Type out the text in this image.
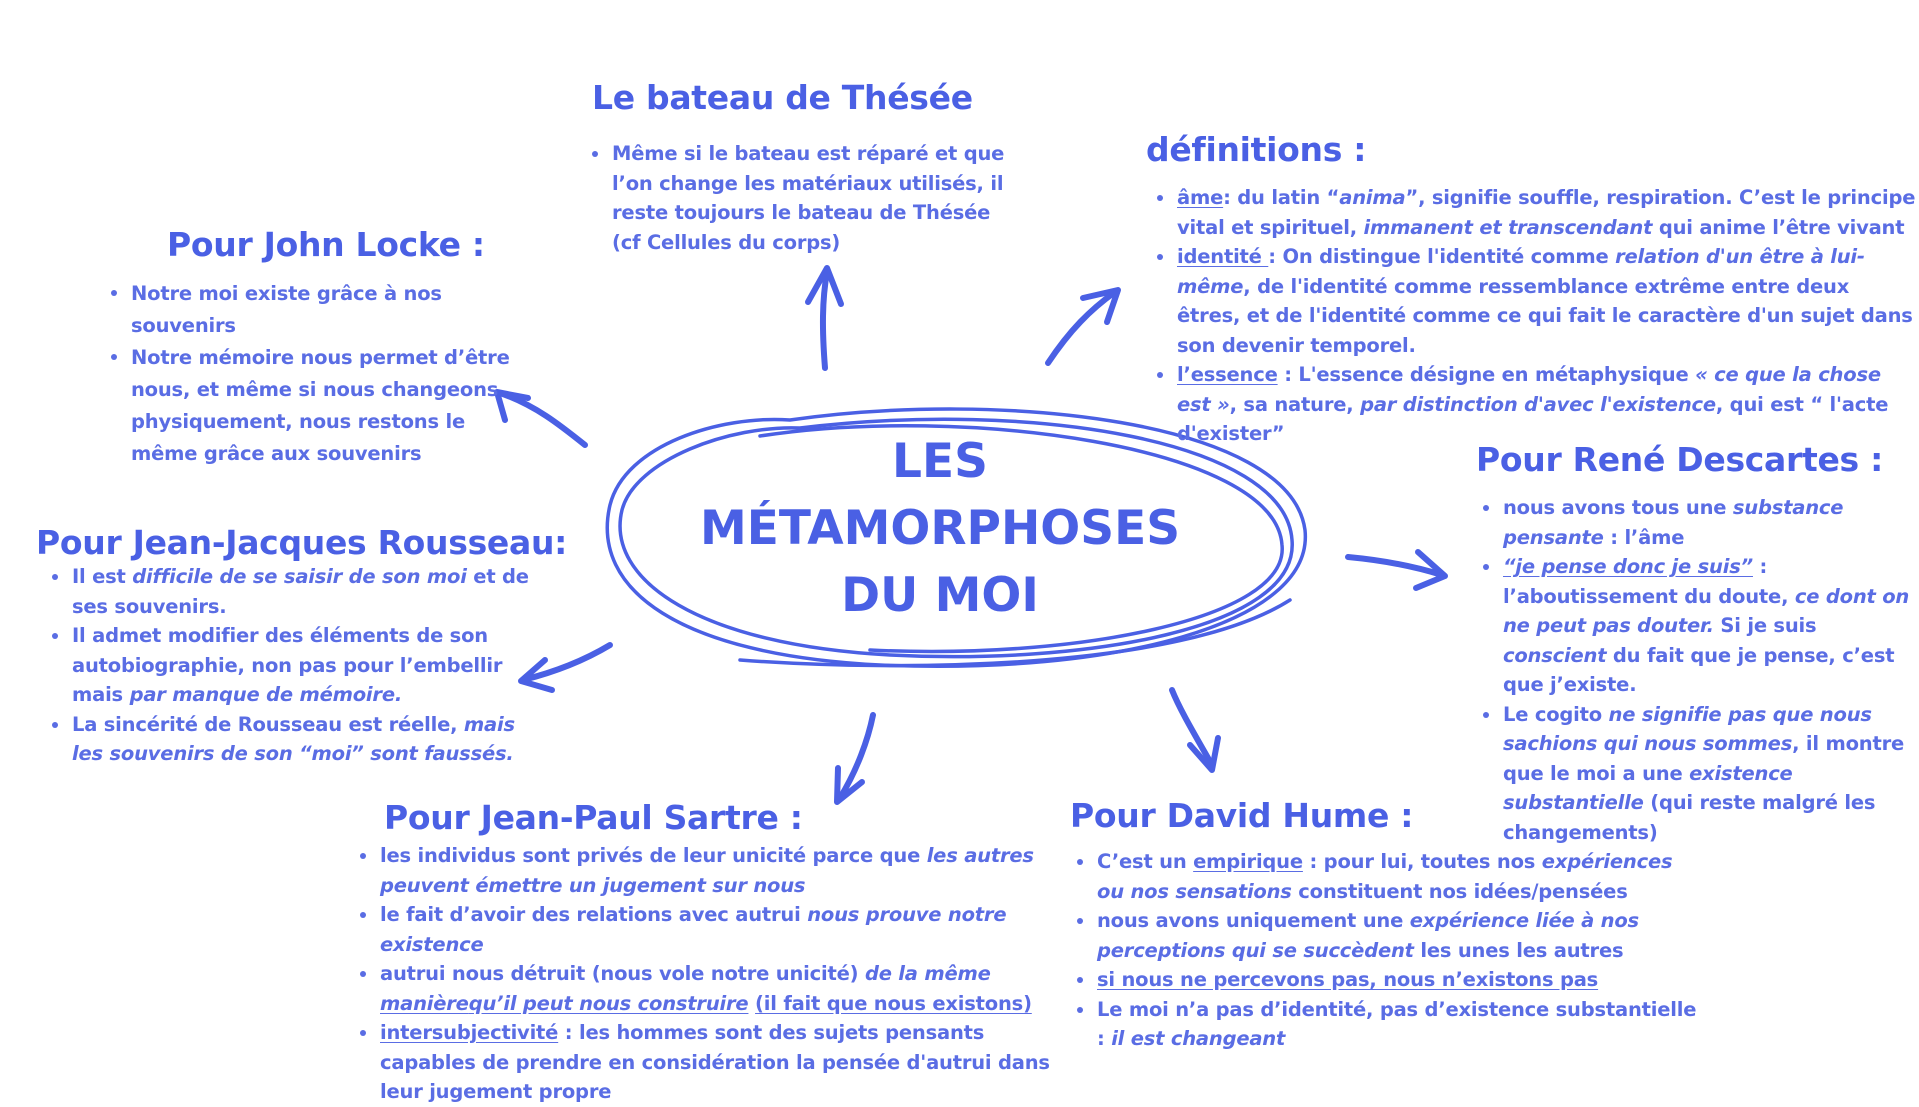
LES
MÉTAMORPHOSES
DU MOI
Le bateau de Thésée
Même si le bateau est réparé et que l’on change les matériaux utilisés, il reste toujours le bateau de Thésée (cf Cellules du corps)
Pour John Locke :
Notre moi existe grâce à nos souvenirs
Notre mémoire nous permet d’être nous, et même si nous changeons physiquement, nous restons le même grâce aux souvenirs
définitions :
âme: du latin “anima”, signifie souffle, respiration. C’est le principe vital et spirituel, immanent et transcendant qui anime l’être vivant
identité : On distingue l'identité comme relation d'un être à lui-même, de l'identité comme ressemblance extrême entre deux êtres, et de l'identité comme ce qui fait le caractère d'un sujet dans son devenir temporel.
l’essence : L'essence désigne en métaphysique « ce que la chose est », sa nature, par distinction d'avec l'existence, qui est “ l'acte d'exister”
Pour Jean-Jacques Rousseau:
Il est difficile de se saisir de son moi et de ses souvenirs.
Il admet modifier des éléments de son autobiographie, non pas pour l’embellir mais par manque de mémoire.
La sincérité de Rousseau est réelle, mais les souvenirs de son “moi” sont faussés.
Pour René Descartes :
nous avons tous une substance pensante : l’âme
“je pense donc je suis” : l’aboutissement du doute, ce dont on ne peut pas douter. Si je suis conscient du fait que je pense, c’est que j’existe.
Le cogito ne signifie pas que nous sachions qui nous sommes, il montre que le moi a une existence substantielle (qui reste malgré les changements)
Pour Jean-Paul Sartre :
les individus sont privés de leur unicité parce que les autres peuvent émettre un jugement sur nous
le fait d’avoir des relations avec autrui nous prouve notre existence
autrui nous détruit (nous vole notre unicité) de la même manièrequ’il peut nous construire (il fait que nous existons)
intersubjectivité : les hommes sont des sujets pensants capables de prendre en considération la pensée d'autrui dans leur jugement propre
Pour David Hume :
C’est un empirique : pour lui, toutes nos expériences ou nos sensations constituent nos idées/pensées
nous avons uniquement une expérience liée à nos perceptions qui se succèdent les unes les autres
si nous ne percevons pas, nous n’existons pas
Le moi n’a pas d’identité, pas d’existence substantielle : il est changeant
